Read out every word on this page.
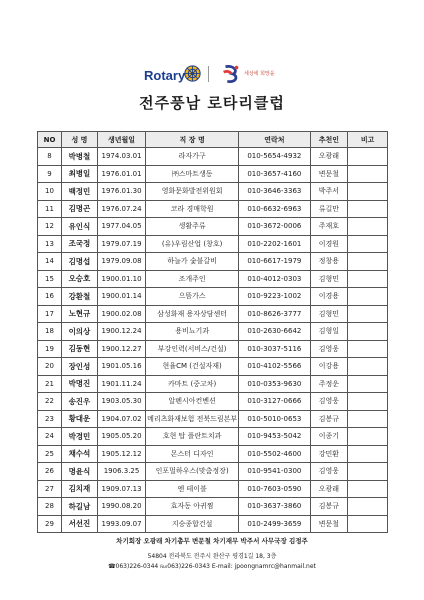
Rotary	세상에 희망을
전주풍남 로타리클럽
NO	성 명	생년월일	직 장 명	연락처	추천인	비고
8	박병철	1974.03.01	라자가구	010-5654-4932	오광래	
9	최병일	1976.01.01	㈜스마트생동	010-3657-4160	변문철	
10	백정민	1976.01.30	영화문화발전위원회	010-3646-3363	박주서	
11	김명곤	1976.07.24	코라 경매학원	010-6632-6963	류길만	
12	유인식	1977.04.05	생활주류	010-3672-0006	주재호	
13	조국정	1979.07.19	(유)우림산업 (창호)	010-2202-1601	이경원	
14	김명섭	1979.09.08	하늘가 숯불갈비	010-6617-1979	정창용	
15	오승호	1900.01.10	조개주인	010-4012-0303	김형민	
16	강환철	1900.01.14	으뜸가스	010-9223-1002	이경용	
17	노현규	1900.02.08	삼성화재 용자상담센터	010-8626-3777	김형민	
18	이의상	1900.12.24	용비뇨기과	010-2630-6642	김형일	
19	김동현	1900.12.27	부강인력(서비스/건설)	010-3037-5116	김영웅	
20	장인성	1901.05.16	현율CM (건설자재)	010-4102-5566	이강용	
21	박명진	1901.11.24	카마트 (중고차)	010-0353-9630	주정운	
22	송진우	1903.05.30	알펜시아컨벤션	010-3127-0666	김영웅	
23	황대운	1904.07.02	메리츠화재보험 전북드림본부	010-5010-0653	김봉규	
24	박경민	1905.05.20	호현 탑 플란트치과	010-9453-5042	이종기	
25	채수석	1905.12.12	몬스터 디자인	010-5502-4600	강민환	
26	명윤식	1906.3.25	인포멀하우스(맞춤정장)	010-9541-0300	김영웅	
27	김치재	1909.07.13	엔 테이블	010-7603-0590	오광래	
28	하길남	1990.08.20	효자동 아귀찜	010-3637-3860	김봉규	
29	서선진	1993.09.07	지승종합건설	010-2499-3659	변문철	
차기회장 오광래 차기총무 변문철 차기재무 박주서 사무국장 김정주
54804 전라북도 전주시 완산구 평경1길 18, 3층
☎063)226-0344 ℻063)226-0343 E-mail: jpoongnamrc@hanmail.net
